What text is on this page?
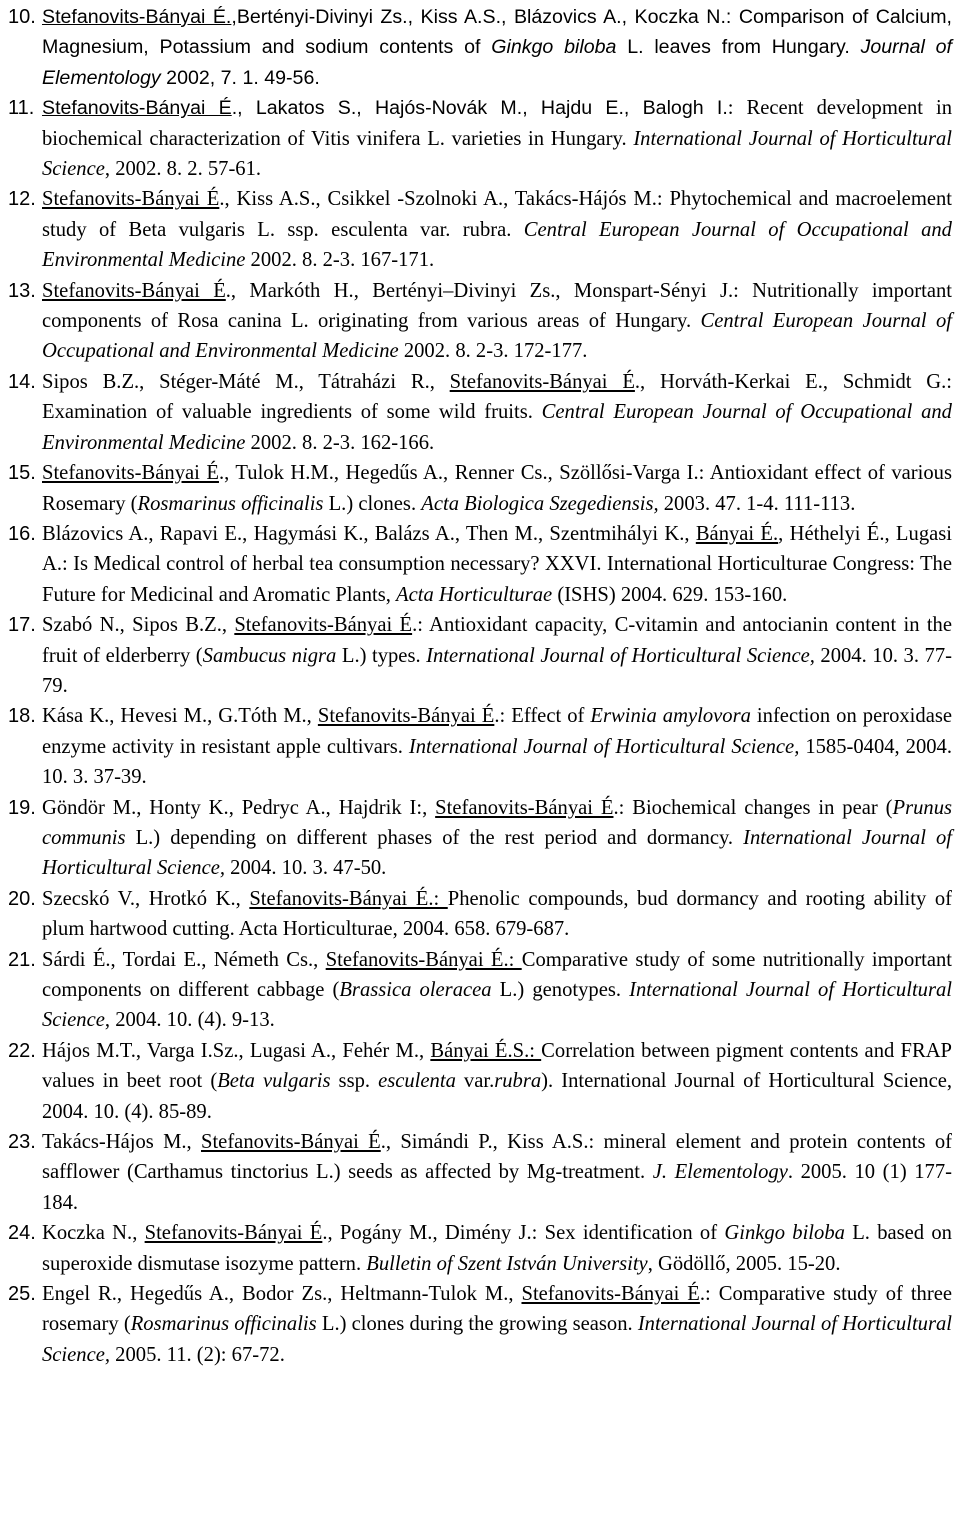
10. Stefanovits-Bányai É.,Bertényi-Divinyi Zs., Kiss A.S., Blázovics A., Koczka N.: Comparison of Calcium, Magnesium, Potassium and sodium contents of Ginkgo biloba L. leaves from Hungary. Journal of Elementology 2002, 7. 1. 49-56.
11. Stefanovits-Bányai É., Lakatos S., Hajós-Novák M., Hajdu E., Balogh I.: Recent development in biochemical characterization of Vitis vinifera L. varieties in Hungary. International Journal of Horticultural Science, 2002. 8. 2. 57-61.
12. Stefanovits-Bányai É., Kiss A.S., Csikkel -Szolnoki A., Takács-Hájós M.: Phytochemical and macroelement study of Beta vulgaris L. ssp. esculenta var. rubra. Central European Journal of Occupational and Environmental Medicine 2002. 8. 2-3. 167-171.
13. Stefanovits-Bányai É., Markóth H., Bertényi–Divinyi Zs., Monspart-Sényi J.: Nutritionally important components of Rosa canina L. originating from various areas of Hungary. Central European Journal of Occupational and Environmental Medicine 2002. 8. 2-3. 172-177.
14. Sipos B.Z., Stéger-Máté M., Tátraházi R., Stefanovits-Bányai É., Horváth-Kerkai E., Schmidt G.: Examination of valuable ingredients of some wild fruits. Central European Journal of Occupational and Environmental Medicine 2002. 8. 2-3. 162-166.
15. Stefanovits-Bányai É., Tulok H.M., Hegedűs A., Renner Cs., Szöllősi-Varga I.: Antioxidant effect of various Rosemary (Rosmarinus officinalis L.) clones. Acta Biologica Szegediensis, 2003. 47. 1-4. 111-113.
16. Blázovics A., Rapavi E., Hagymási K., Balázs A., Then M., Szentmihályi K., Bányai É., Héthelyi É., Lugasi A.: Is Medical control of herbal tea consumption necessary? XXVI. International Horticulturae Congress: The Future for Medicinal and Aromatic Plants, Acta Horticulturae (ISHS) 2004. 629. 153-160.
17. Szabó N., Sipos B.Z., Stefanovits-Bányai É.: Antioxidant capacity, C-vitamin and antocianin content in the fruit of elderberry (Sambucus nigra L.) types. International Journal of Horticultural Science, 2004. 10. 3. 77-79.
18. Kása K., Hevesi M., G.Tóth M., Stefanovits-Bányai É.: Effect of Erwinia amylovora infection on peroxidase enzyme activity in resistant apple cultivars. International Journal of Horticultural Science, 1585-0404, 2004. 10. 3. 37-39.
19. Göndör M., Honty K., Pedryc A., Hajdrik I:, Stefanovits-Bányai É.: Biochemical changes in pear (Prunus communis L.) depending on different phases of the rest period and dormancy. International Journal of Horticultural Science, 2004. 10. 3. 47-50.
20. Szecskó V., Hrotkó K., Stefanovits-Bányai É.: Phenolic compounds, bud dormancy and rooting ability of plum hartwood cutting. Acta Horticulturae, 2004. 658. 679-687.
21. Sárdi É., Tordai E., Németh Cs., Stefanovits-Bányai É.: Comparative study of some nutritionally important components on different cabbage (Brassica oleracea L.) genotypes. International Journal of Horticultural Science, 2004. 10. (4). 9-13.
22. Hájos M.T., Varga I.Sz., Lugasi A., Fehér M., Bányai É.S.: Correlation between pigment contents and FRAP values in beet root (Beta vulgaris ssp. esculenta var.rubra). International Journal of Horticultural Science, 2004. 10. (4). 85-89.
23. Takács-Hájos M., Stefanovits-Bányai É., Simándi P., Kiss A.S.: mineral element and protein contents of safflower (Carthamus tinctorius L.) seeds as affected by Mg-treatment. J. Elementology. 2005. 10 (1) 177-184.
24. Koczka N., Stefanovits-Bányai É., Pogány M., Dimény J.: Sex identification of Ginkgo biloba L. based on superoxide dismutase isozyme pattern. Bulletin of Szent István University, Gödöllő, 2005. 15-20.
25. Engel R., Hegedűs A., Bodor Zs., Heltmann-Tulok M., Stefanovits-Bányai É.: Comparative study of three rosemary (Rosmarinus officinalis L.) clones during the growing season. International Journal of Horticultural Science, 2005. 11. (2): 67-72.
